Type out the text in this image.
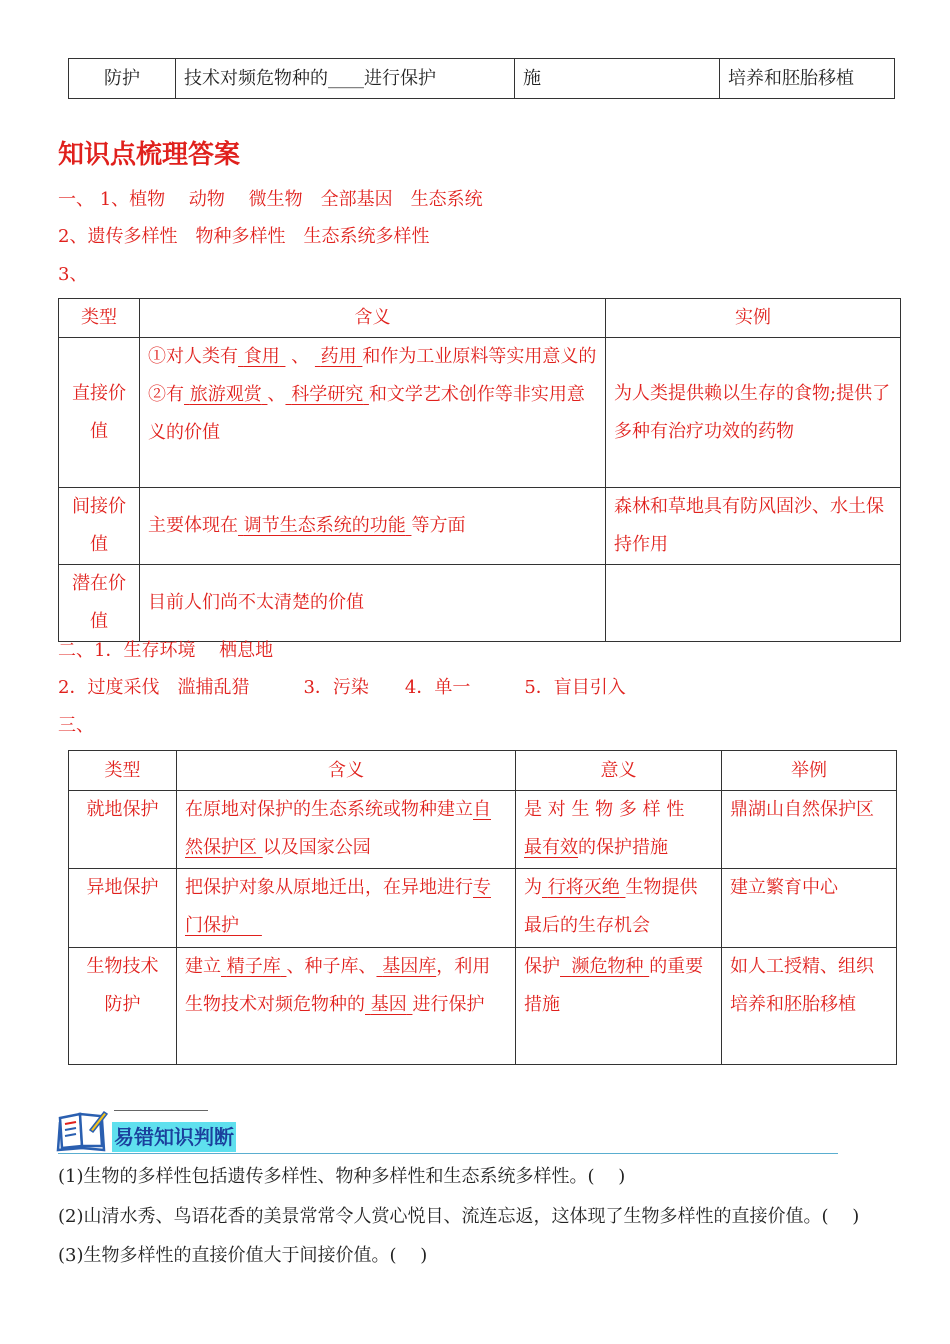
防护	技术对频危物种的____进行保护	施	培养和胚胎移植
知识点梳理答案
一、 1、植物　 动物　 微生物　全部基因　生态系统
2、遗传多样性　物种多样性　生态系统多样性
3、
类型	含义	实例
直接价值	①对人类有 食用 、 药用 和作为工业原料等实用意义的
②有 旅游观赏 、 科学研究 和文学艺术创作等非实用意义的价值	为人类提供赖以生存的食物;提供了多种有治疗功效的药物
间接价值	主要体现在 调节生态系统的功能 等方面	森林和草地具有防风固沙、水土保持作用
潜在价值	目前人们尚不太清楚的价值	
二、1．生存环境　 栖息地
2．过度采伐　滥捕乱猎　　　3．污染　　4．单一　　　5．盲目引入
三、
类型	含义	意义	举例
就地保护	在原地对保护的生态系统或物种建立自然保护区 以及国家公园	是 对 生 物 多 样 性
最有效的保护措施	鼎湖山自然保护区
异地保护	把保护对象从原地迁出，在异地进行专门保护	为 行将灭绝 生物提供最后的生存机会	建立繁育中心
生物技术防护	建立 精子库 、种子库、 基因库，利用生物技术对频危物种的 基因 进行保护	保护 濒危物种 的重要措施	如人工授精、组织培养和胚胎移植
易错知识判断
(1)生物的多样性包括遗传多样性、物种多样性和生态系统多样性。(　 )
(2)山清水秀、鸟语花香的美景常常令人赏心悦目、流连忘返，这体现了生物多样性的直接价值。(　 )
(3)生物多样性的直接价值大于间接价值。(　 )
